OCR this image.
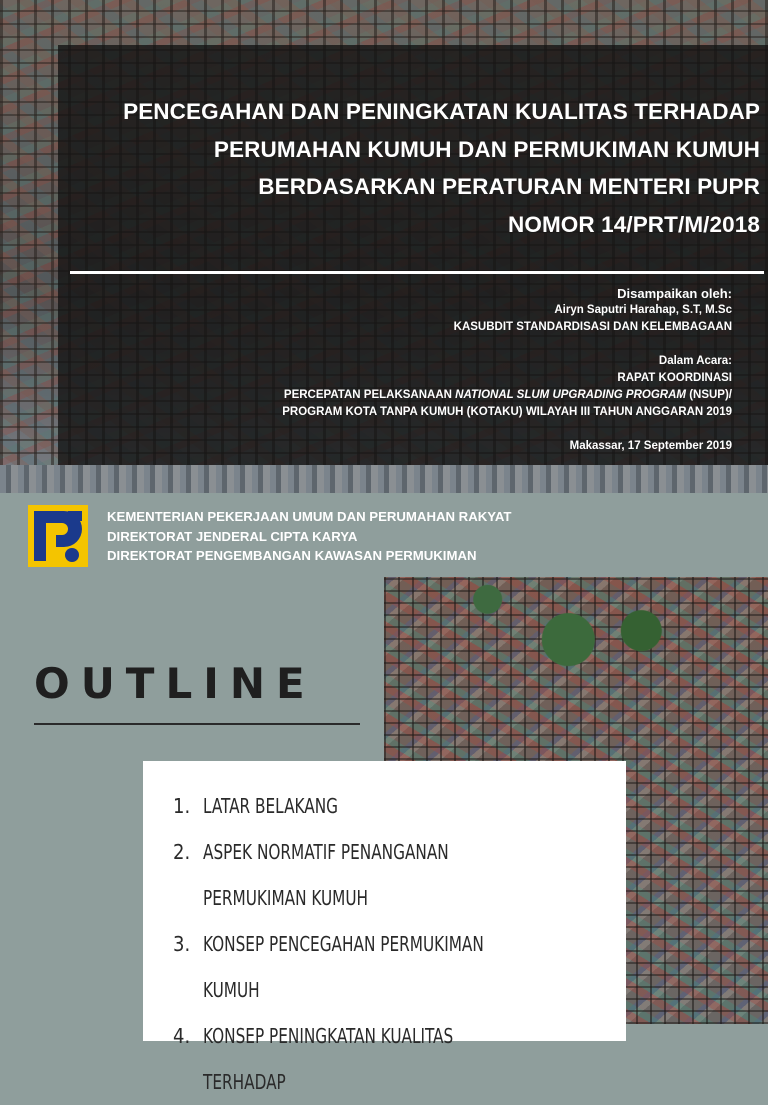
PENCEGAHAN DAN PENINGKATAN KUALITAS TERHADAP
PERUMAHAN KUMUH DAN PERMUKIMAN KUMUH
BERDASARKAN PERATURAN MENTERI PUPR
NOMOR 14/PRT/M/2018
Disampaikan oleh:
Airyn Saputri Harahap, S.T, M.Sc
KASUBDIT STANDARDISASI DAN KELEMBAGAAN
Dalam Acara:
RAPAT KOORDINASI
PERCEPATAN PELAKSANAAN NATIONAL SLUM UPGRADING PROGRAM (NSUP)/
PROGRAM KOTA TANPA KUMUH (KOTAKU) WILAYAH III TAHUN ANGGARAN 2019
Makassar, 17 September 2019
KEMENTERIAN PEKERJAAN UMUM DAN PERUMAHAN RAKYAT
DIREKTORAT JENDERAL CIPTA KARYA
DIREKTORAT PENGEMBANGAN KAWASAN PERMUKIMAN
OUTLINE
1. LATAR BELAKANG
2. ASPEK NORMATIF PENANGANAN PERMUKIMAN KUMUH
3. KONSEP PENCEGAHAN PERMUKIMAN KUMUH
4. KONSEP PENINGKATAN KUALITAS TERHADAP
